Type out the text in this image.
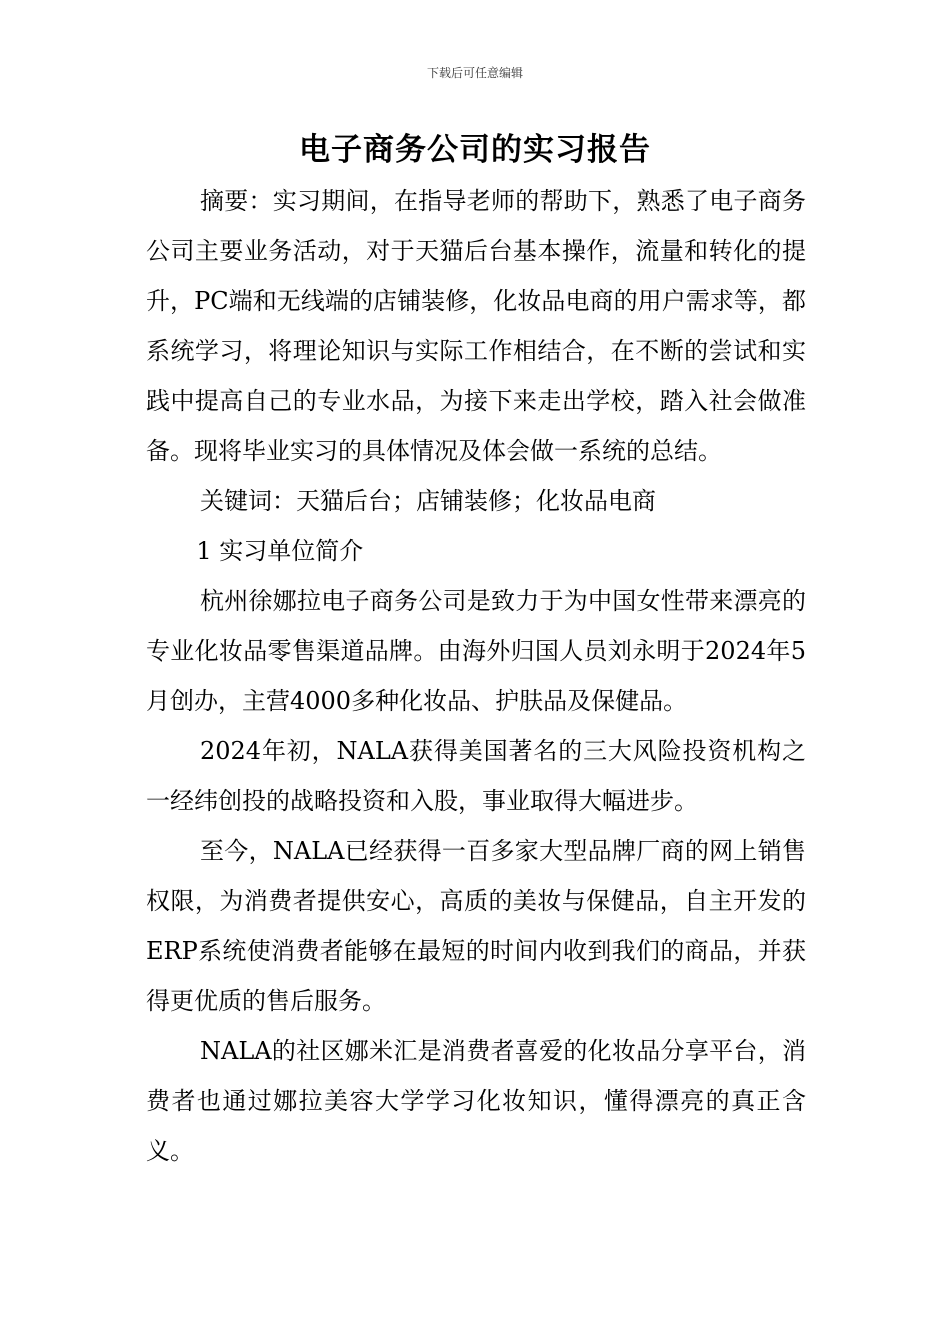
下载后可任意编辑
电子商务公司的实习报告

摘要：实习期间，在指导老师的帮助下，熟悉了电子商务公司主要业务活动，对于天猫后台基本操作，流量和转化的提升，PC端和无线端的店铺装修，化妆品电商的用户需求等，都系统学习，将理论知识与实际工作相结合，在不断的尝试和实践中提高自己的专业水品，为接下来走出学校，踏入社会做准备。现将毕业实习的具体情况及体会做一系统的总结。

关键词：天猫后台；店铺装修；化妆品电商

1 实习单位简介

杭州徐娜拉电子商务公司是致力于为中国女性带来漂亮的专业化妆品零售渠道品牌。由海外归国人员刘永明于2024年5月创办，主营4000多种化妆品、护肤品及保健品。

2024年初，NALA获得美国著名的三大风险投资机构之一经纬创投的战略投资和入股，事业取得大幅进步。

至今，NALA已经获得一百多家大型品牌厂商的网上销售权限，为消费者提供安心，高质的美妆与保健品，自主开发的ERP系统使消费者能够在最短的时间内收到我们的商品，并获得更优质的售后服务。

NALA的社区娜米汇是消费者喜爱的化妆品分享平台，消费者也通过娜拉美容大学学习化妆知识，懂得漂亮的真正含义。
